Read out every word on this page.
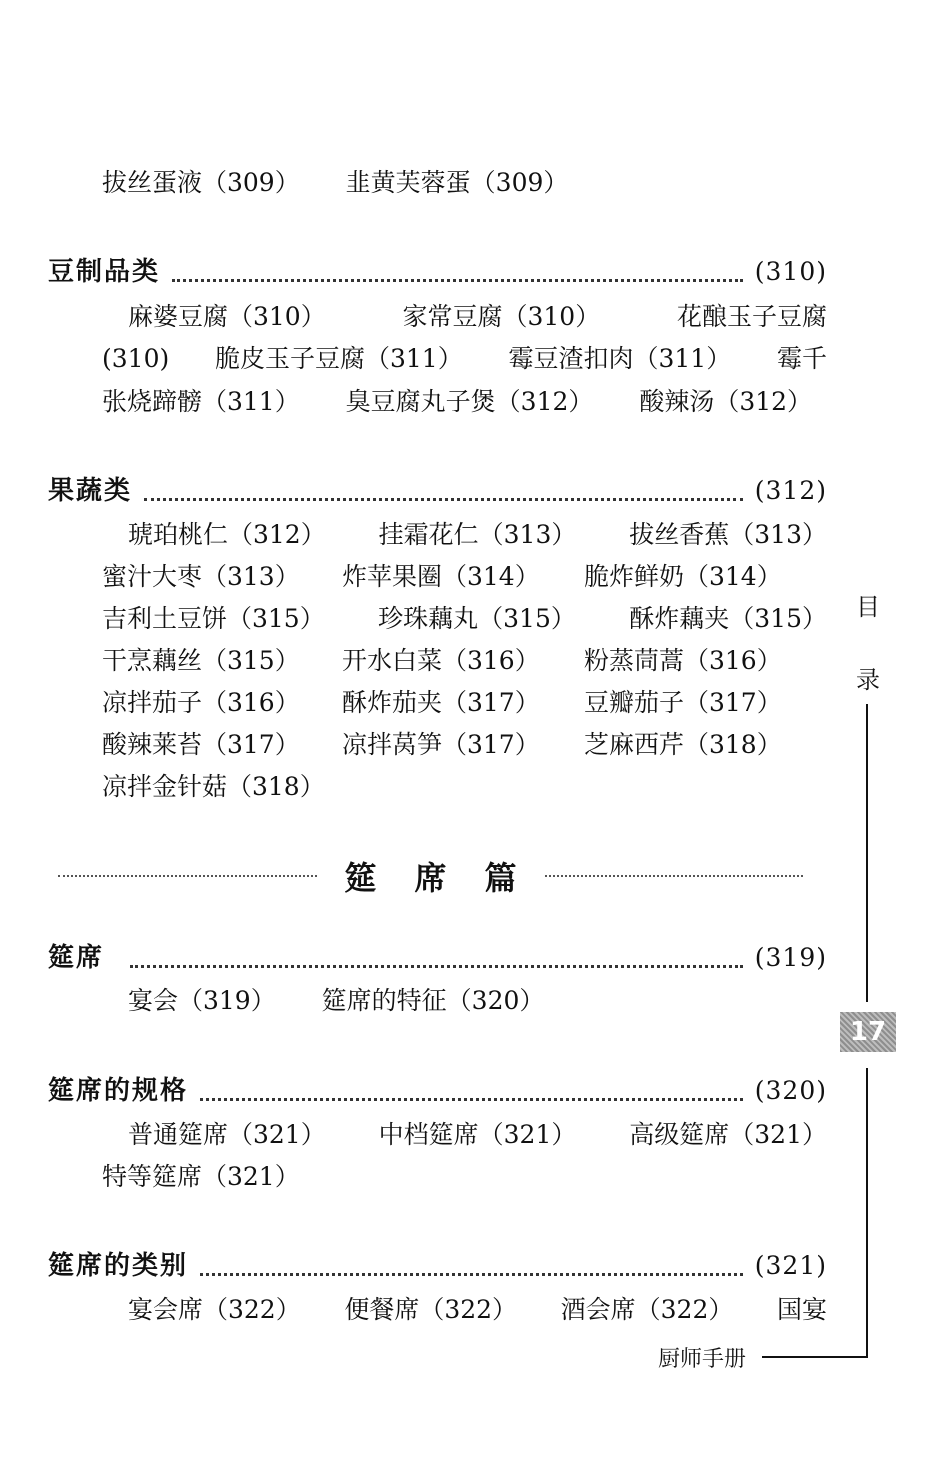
拔丝蛋液（309） 韭黄芙蓉蛋（309）
豆制品类	(310)
麻婆豆腐（310）	家常豆腐（310）	花酿玉子豆腐
(310) 脆皮玉子豆腐（311） 霉豆渣扣肉（311） 霉千
张烧蹄髈（311） 臭豆腐丸子煲（312） 酸辣汤（312）
果蔬类	(312)
琥珀桃仁（312） 挂霜花仁（313） 拔丝香蕉（313）
蜜汁大枣（313） 炸苹果圈（314） 脆炸鲜奶（314）
吉利土豆饼（315） 珍珠藕丸（315） 酥炸藕夹（315）
干烹藕丝（315） 开水白菜（316） 粉蒸茼蒿（316）
凉拌茄子（316） 酥炸茄夹（317） 豆瓣茄子（317）
酸辣莱苔（317） 凉拌莴笋（317） 芝麻西芹（318）
凉拌金针菇（318）
筵席篇
筵席	(319)
宴会（319） 筵席的特征（320）
筵席的规格	(320)
普通筵席（321） 中档筵席（321） 高级筵席（321）
特等筵席（321）
筵席的类别	(321)
宴会席（322） 便餐席（322） 酒会席（322） 国宴
目
录
17
厨师手册
